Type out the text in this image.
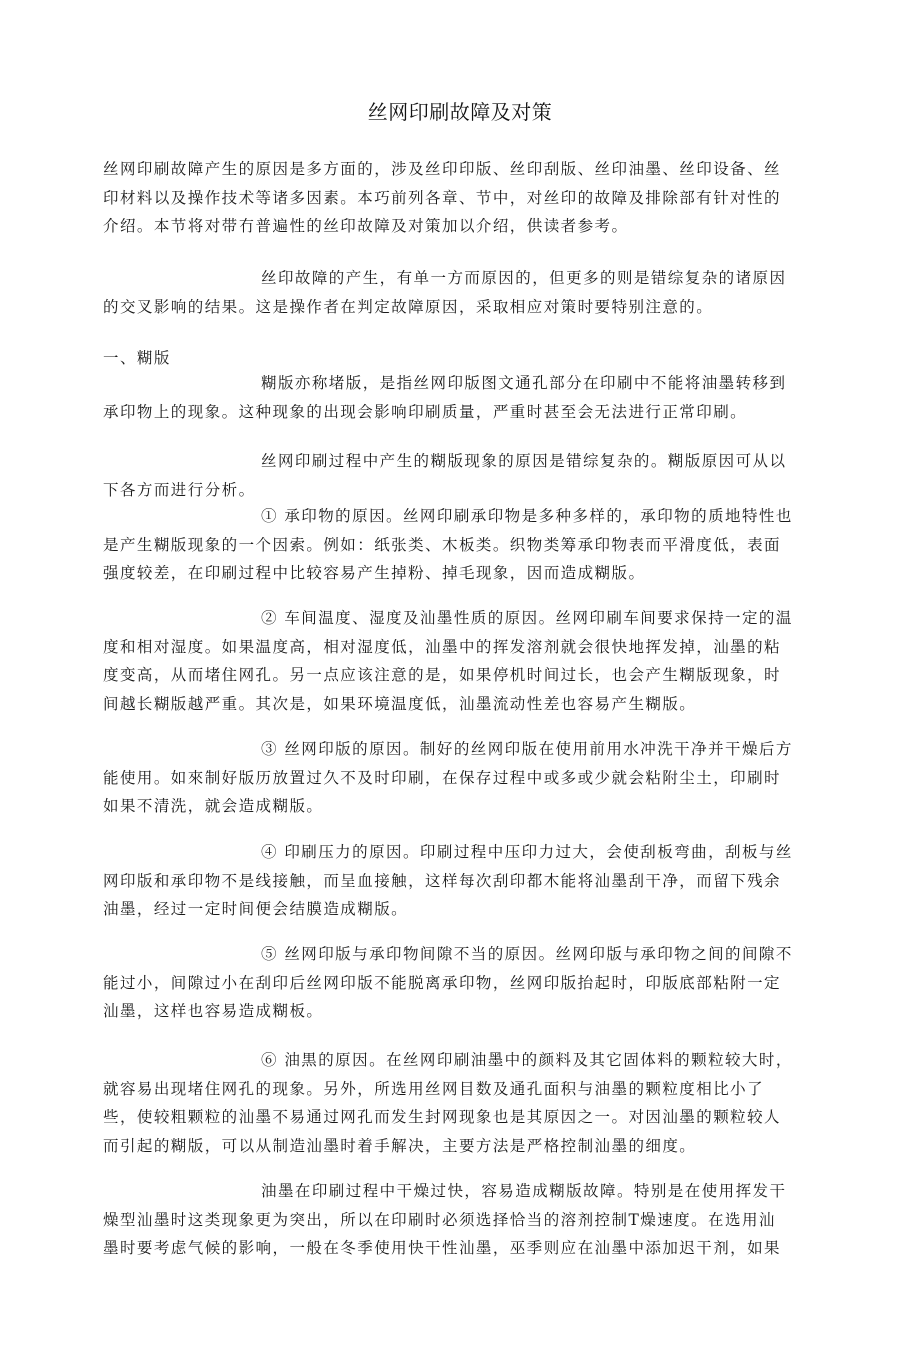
丝网印刷故障及对策
丝网印刷故障产生的原因是多方面的，涉及丝印印版、丝印刮版、丝印油墨、丝印设备、丝
印材料以及操作技术等诸多因素。本巧前列各章、节中，对丝印的故障及排除部有针对性的
介绍。本节将对带冇普遍性的丝印故障及对策加以介绍，供读者参考。
丝印故障的产生，有单一方而原因的，但更多的则是错综复杂的诸原因
的交叉影响的结果。这是操作者在判定故障原因，采取相应对策时要特别注意的。
一、糊版
糊版亦称堵版，是指丝网印版图文通孔部分在印刷中不能将油墨转移到
承印物上的现象。这种现象的出现会影响印刷质量，严重时甚至会无法进行正常印刷。
丝网印刷过程中产生的糊版现象的原因是错综复杂的。糊版原因可从以
下各方而进行分析。
① 承印物的原因。丝网印刷承印物是多种多样的，承印物的质地特性也
是产生糊版现象的一个因索。例如：纸张类、木板类。织物类筹承印物表而平滑度低，表面
强度较差，在印刷过程中比较容易产生掉粉、掉毛现象，因而造成糊版。
② 车间温度、湿度及汕墨性质的原因。丝网印刷车间要求保持一定的温
度和相对湿度。如果温度高，相对湿度低，汕墨中的挥发溶剂就会很快地挥发掉，汕墨的粘
度变高，从而堵住网孔。另一点应该注意的是，如果停机时间过长，也会产生糊版现象，时
间越长糊版越严重。其次是，如果环境温度低，汕墨流动性差也容易产生糊版。
③ 丝网印版的原因。制好的丝网印版在使用前用水冲洗干净并干燥后方
能使用。如來制好版历放置过久不及时印刷，在保存过程中或多或少就会粘附尘土，印刷时
如果不清洗，就会造成糊版。
④ 印刷压力的原因。印刷过程中压印力过大，会使刮板弯曲，刮板与丝
网印版和承印物不是线接触，而呈血接触，这样每次刮印都木能将汕墨刮干净，而留下残余
油墨，经过一定时间便会结膜造成糊版。
⑤ 丝网印版与承印物间隙不当的原因。丝网印版与承印物之间的间隙不
能过小，间隙过小在刮印后丝网印版不能脱离承印物，丝网印版抬起时，印版底部粘附一定
汕墨，这样也容易造成糊板。
⑥ 油黒的原因。在丝网印刷油墨中的颜料及其它固体料的颗粒较大时，
就容易出现堵住网孔的现象。另外，所选用丝网目数及通孔面积与油墨的颗粒度相比小了
些，使较粗颗粒的汕墨不易通过网孔而发生封网现象也是其原因之一。对因汕墨的颗粒较人
而引起的糊版，可以从制造汕墨时着手解决，主要方法是严格控制汕墨的细度。
油墨在印刷过程中干燥过快，容易造成糊版故障。特别是在使用挥发干
燥型汕墨时这类现象更为突出，所以在印刷时必须选择恰当的溶剂控制T燥速度。在选用汕
墨时要考虑气候的影响，一般在冬季使用快干性汕墨，巫季则应在汕墨中添加迟干剂，如果
